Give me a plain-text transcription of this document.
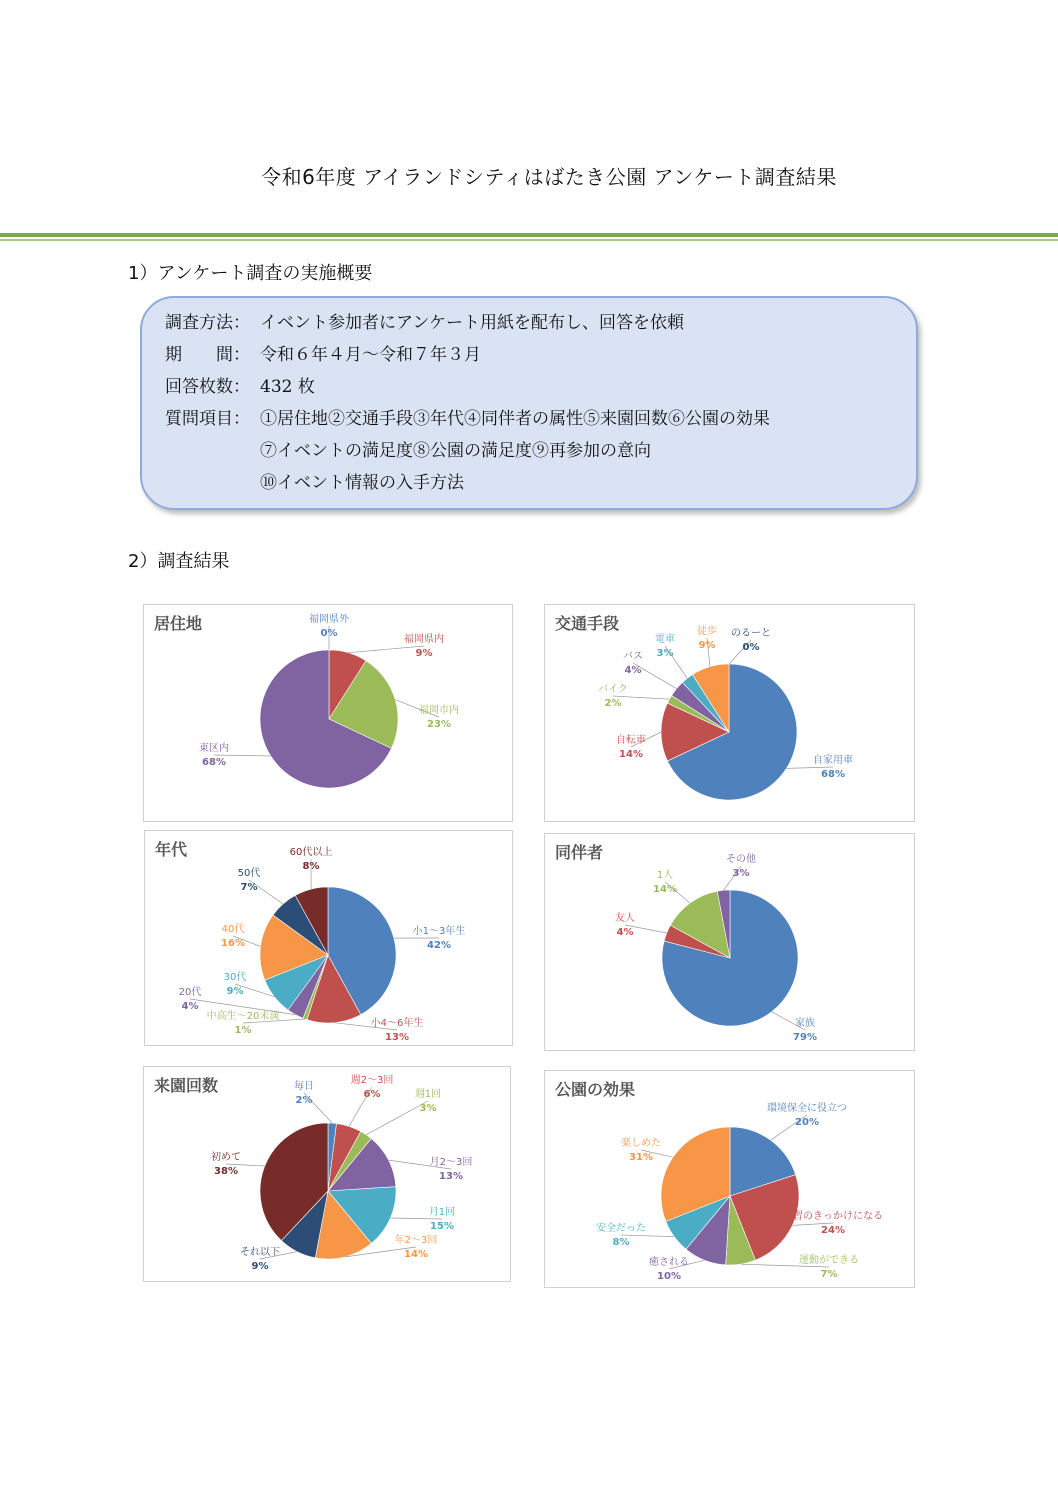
令和6年度 アイランドシティはばたき公園 アンケート調査結果
1）アンケート調査の実施概要
調査方法： イベント参加者にアンケート用紙を配布し、回答を依頼
期　　間： 令和６年４月～令和７年３月
回答枚数： 432 枚
質問項目： ①居住地②交通手段③年代④同伴者の属性⑤来園回数⑥公園の効果
⑦イベントの満足度⑧公園の満足度⑨再参加の意向
⑩イベント情報の入手方法
2）調査結果
居住地	福岡県外
0%
福岡県内
9%
福岡市内
23%
東区内
68%
交通手段
自家用車
68%
自転車
14%
バイク
2%
バス
4%
電車
3%
徒歩
9%
のるーと
0%
年代
小1～3年生
42%
小4～6年生
13%
中高生～20未満
1%
20代
4%
30代
9%
40代
16%
50代
7%
60代以上
8%
同伴者
家族
79%
友人
4%
1人
14%
その他
3%
来園回数	毎日
2%
週2～3回
6%	週1回
3%
月2～3回
13%
月1回
15%
年2～3回
14%
それ以下
9%
初めて
38%
公園の効果
環境保全に役立つ
20%
学習のきっかけになる
24%
運動ができる
7%
癒される
10%
安全だった
8%
楽しめた
31%
